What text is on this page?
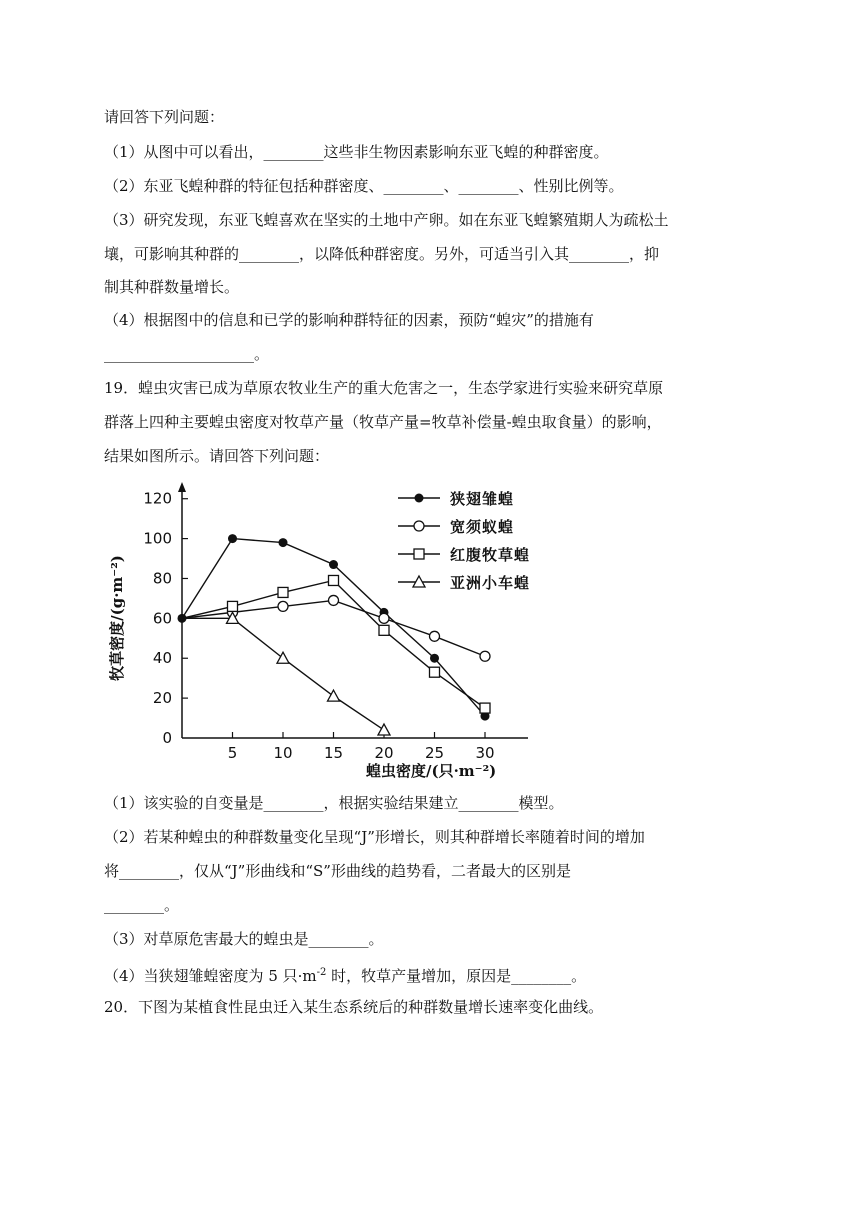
请回答下列问题：
（1）从图中可以看出，________这些非生物因素影响东亚飞蝗的种群密度。
（2）东亚飞蝗种群的特征包括种群密度、________、________、性别比例等。
（3）研究发现，东亚飞蝗喜欢在坚实的土地中产卵。如在东亚飞蝗繁殖期人为疏松土
壤，可影响其种群的________，以降低种群密度。另外，可适当引入其________，抑
制其种群数量增长。
（4）根据图中的信息和已学的影响种群特征的因素，预防“蝗灾”的措施有
____________________。
19．蝗虫灾害已成为草原农牧业生产的重大危害之一，生态学家进行实验来研究草原
群落上四种主要蝗虫密度对牧草产量（牧草产量=牧草补偿量-蝗虫取食量）的影响，
结果如图所示。请回答下列问题：
0
20
40
60
80
100
120
5 10 15 20 25 30
狭翅雏蝗
宽须蚁蝗
红腹牧草蝗
亚洲小车蝗
牧草密度/(g·m⁻²)
蝗虫密度/(只·m⁻²)
（1）该实验的自变量是________，根据实验结果建立________模型。
（2）若某种蝗虫的种群数量变化呈现“J”形增长，则其种群增长率随着时间的增加
将________，仅从“J”形曲线和“S”形曲线的趋势看，二者最大的区别是
________。
（3）对草原危害最大的蝗虫是________。
（4）当狭翅雏蝗密度为 5 只$\cdot m^{-2}$ 时，牧草产量增加，原因是________。
20．下图为某植食性昆虫迁入某生态系统后的种群数量增长速率变化曲线。
